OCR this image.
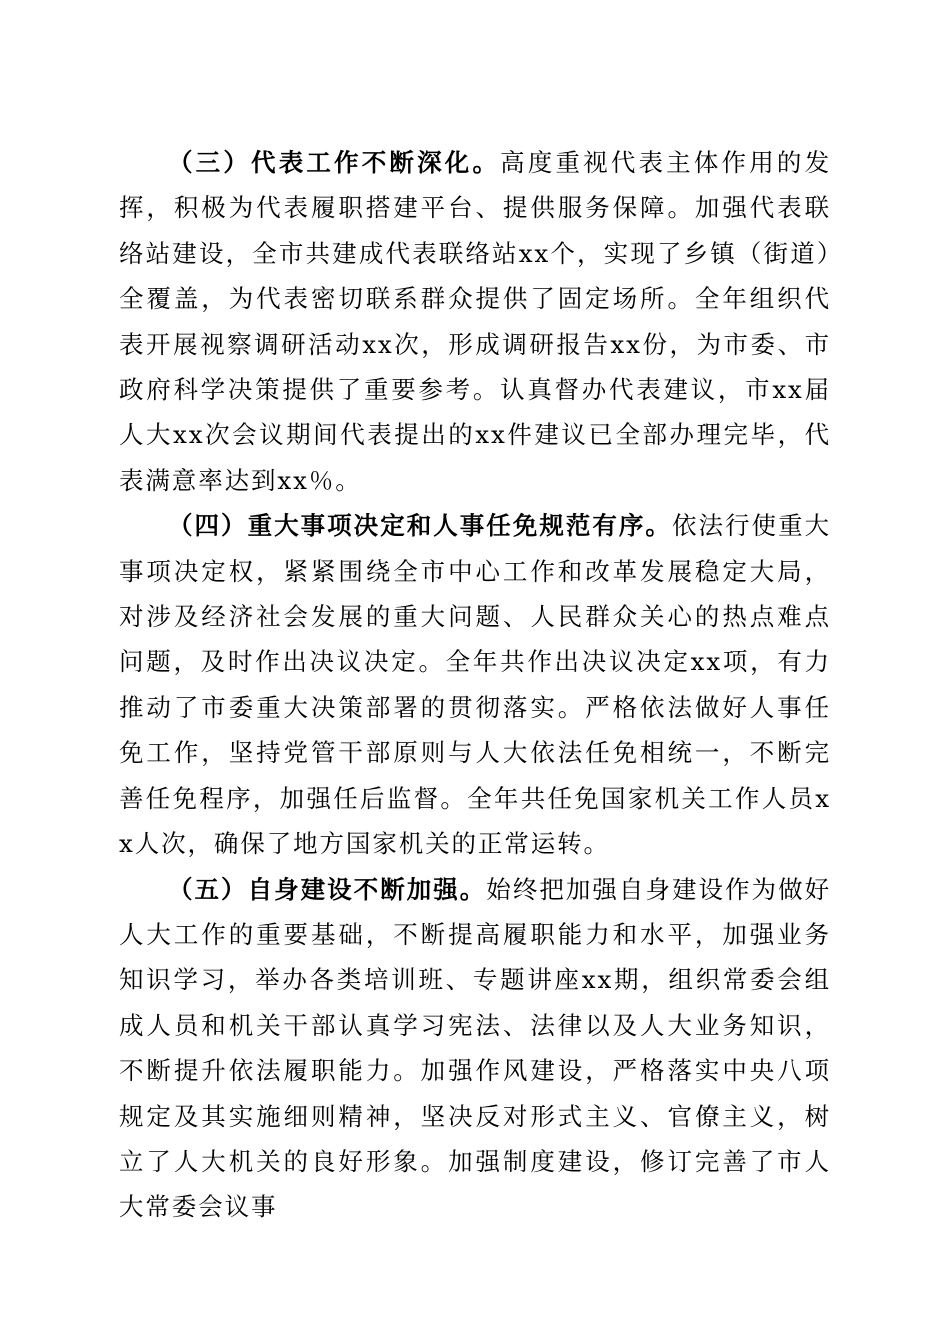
（三）代表工作不断深化。高度重视代表主体作用的发挥，积极为代表履职搭建平台、提供服务保障。加强代表联络站建设，全市共建成代表联络站xx个，实现了乡镇（街道）全覆盖，为代表密切联系群众提供了固定场所。全年组织代表开展视察调研活动xx次，形成调研报告xx份，为市委、市政府科学决策提供了重要参考。认真督办代表建议，市xx届人大xx次会议期间代表提出的xx件建议已全部办理完毕，代表满意率达到xx％。

（四）重大事项决定和人事任免规范有序。依法行使重大事项决定权，紧紧围绕全市中心工作和改革发展稳定大局，对涉及经济社会发展的重大问题、人民群众关心的热点难点问题，及时作出决议决定。全年共作出决议决定xx项，有力推动了市委重大决策部署的贯彻落实。严格依法做好人事任免工作，坚持党管干部原则与人大依法任免相统一，不断完善任免程序，加强任后监督。全年共任免国家机关工作人员xx人次，确保了地方国家机关的正常运转。

（五）自身建设不断加强。始终把加强自身建设作为做好人大工作的重要基础，不断提高履职能力和水平，加强业务知识学习，举办各类培训班、专题讲座xx期，组织常委会组成人员和机关干部认真学习宪法、法律以及人大业务知识，不断提升依法履职能力。加强作风建设，严格落实中央八项规定及其实施细则精神，坚决反对形式主义、官僚主义，树立了人大机关的良好形象。加强制度建设，修订完善了市人大常委会议事
